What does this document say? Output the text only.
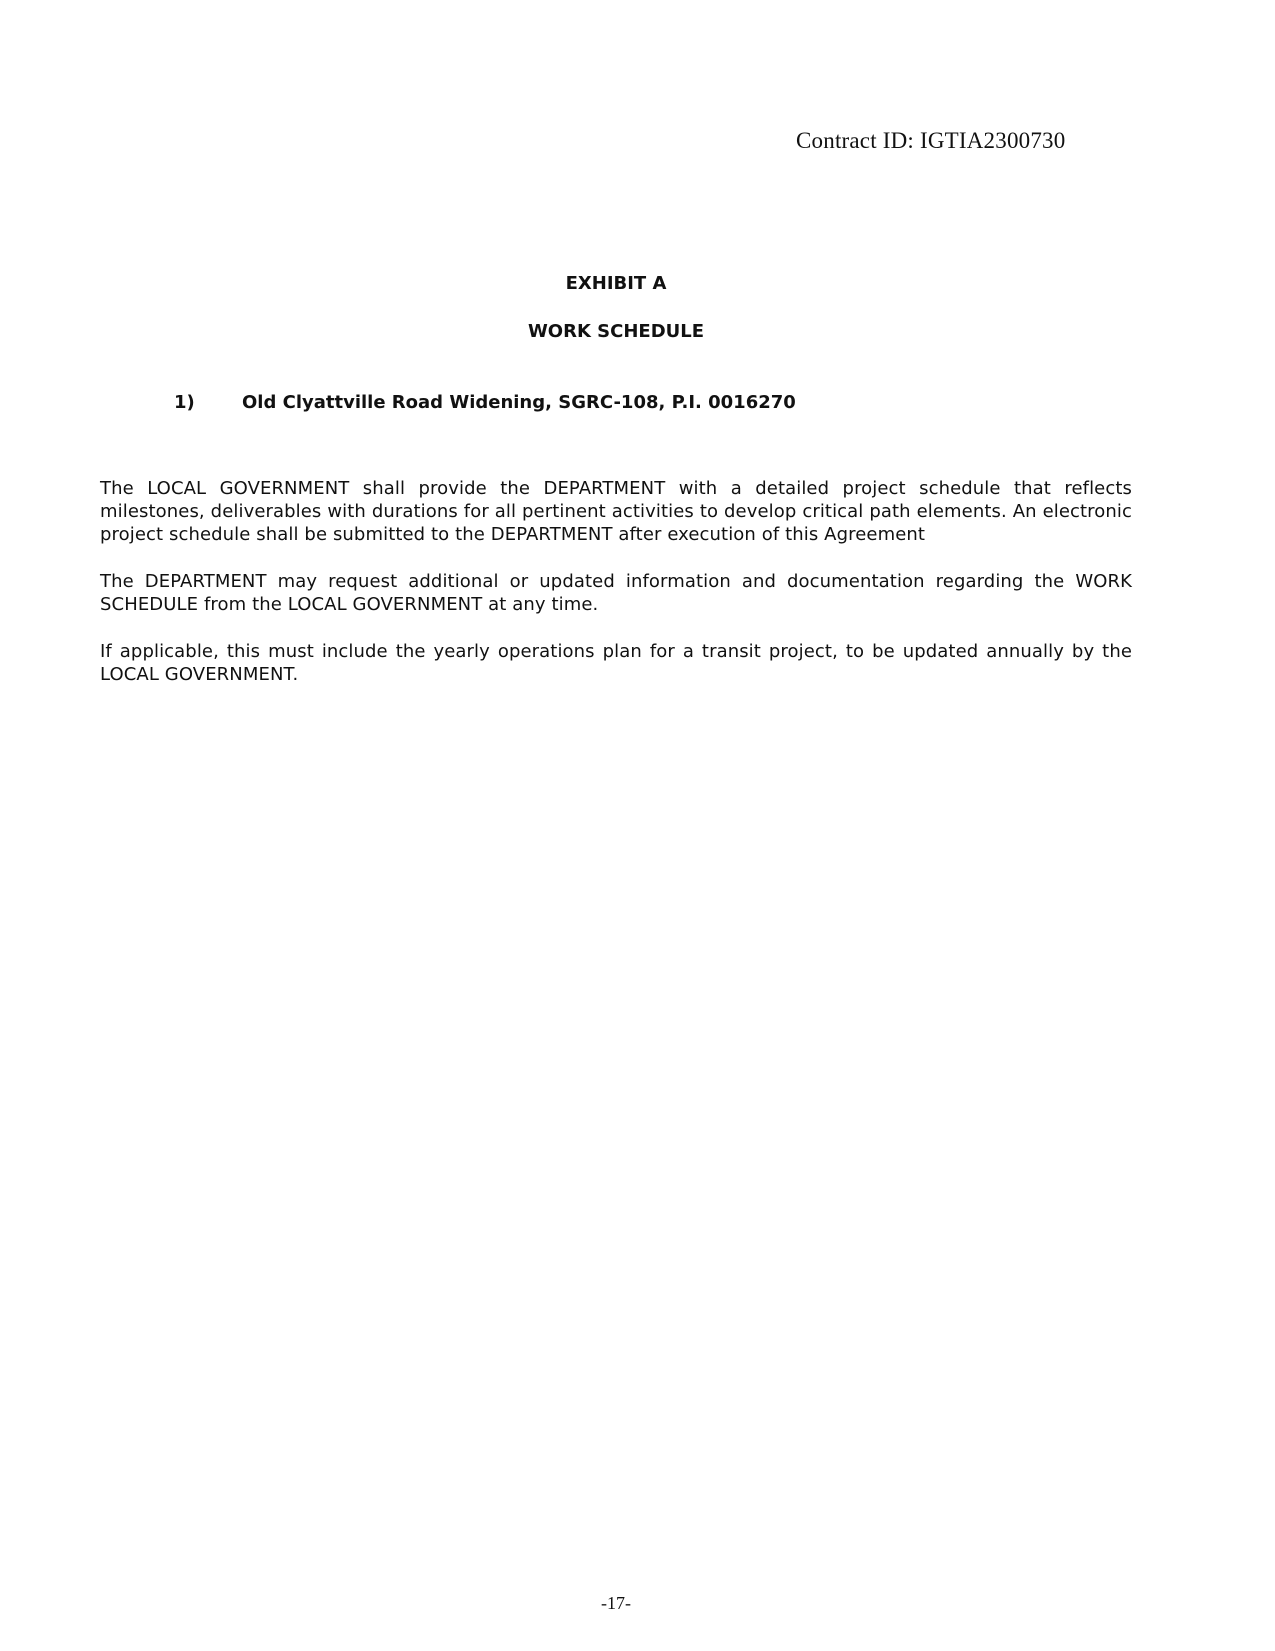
Contract ID: IGTIA2300730
EXHIBIT A
WORK SCHEDULE
1)	Old Clyattville Road Widening, SGRC-108, P.I. 0016270
The LOCAL GOVERNMENT shall provide the DEPARTMENT with a detailed project schedule that reflects milestones, deliverables with durations for all pertinent activities to develop critical path elements. An electronic project schedule shall be submitted to the DEPARTMENT after execution of this Agreement
The DEPARTMENT may request additional or updated information and documentation regarding the WORK SCHEDULE from the LOCAL GOVERNMENT at any time.
If applicable, this must include the yearly operations plan for a transit project, to be updated annually by the LOCAL GOVERNMENT.
-17-
